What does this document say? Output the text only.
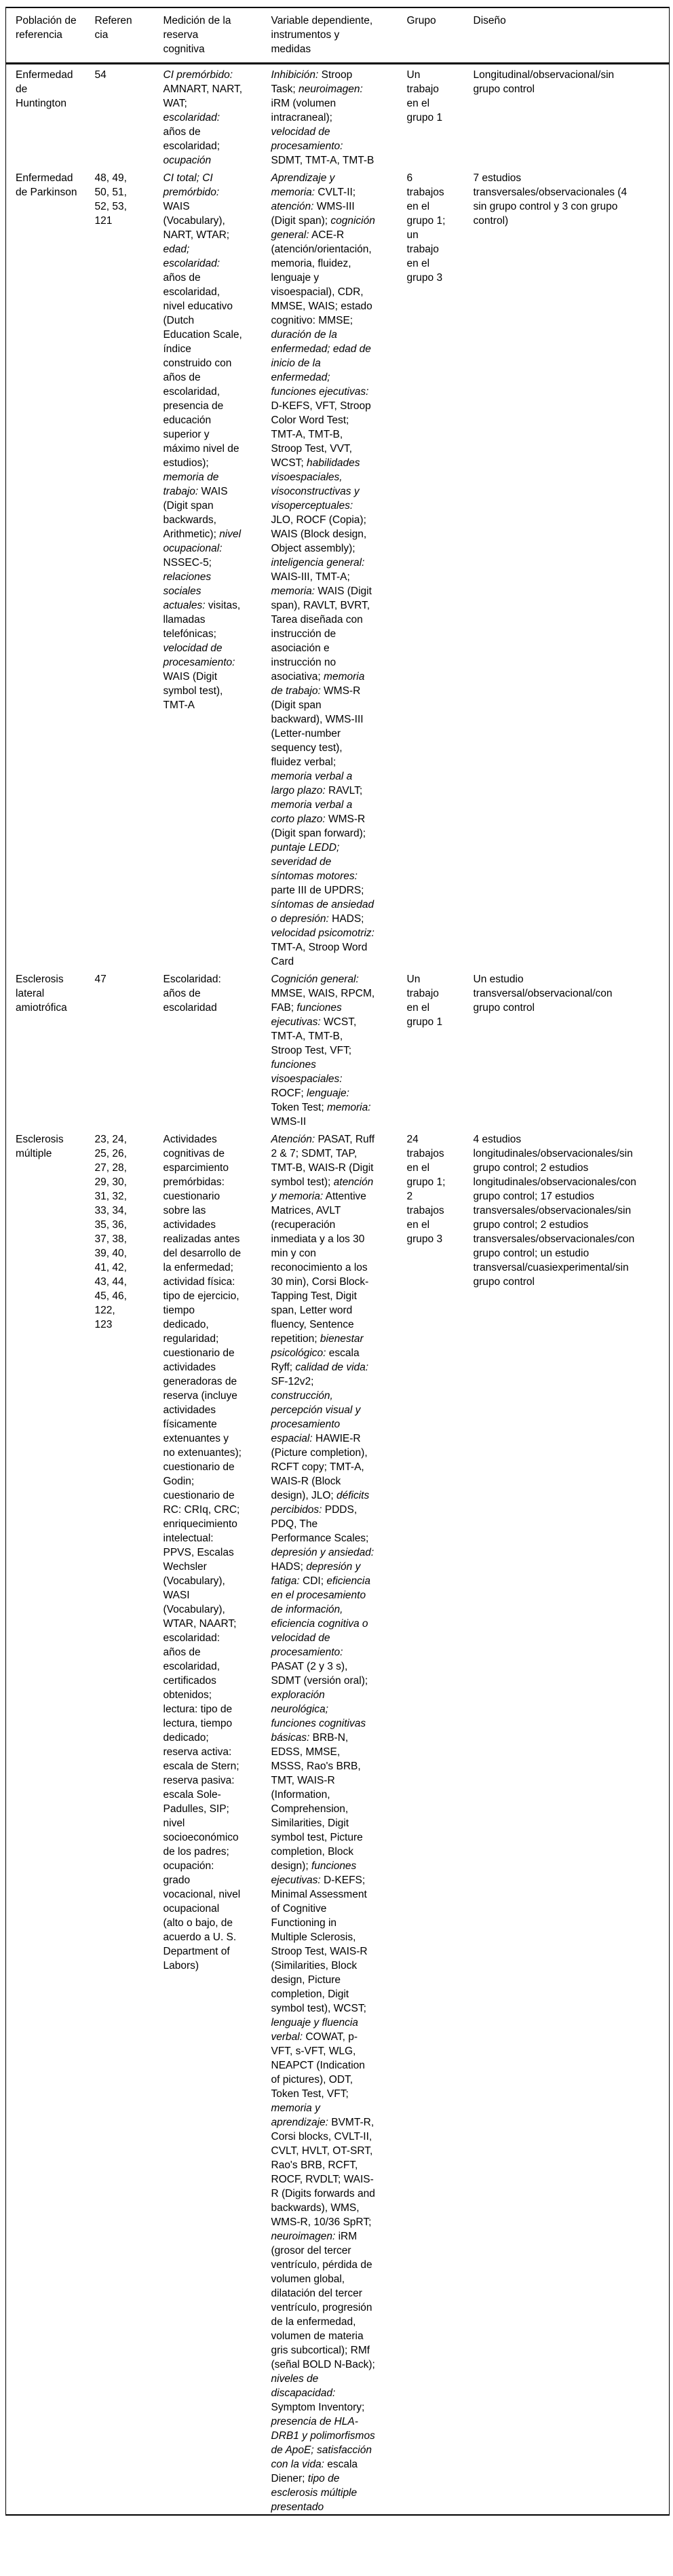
Población de referencia	Referencia	Medición de la reserva cognitiva	Variable dependiente, instrumentos y medidas	Grupo	Diseño
Enfermedad de Huntington	54	CI premórbido: AMNART, NART, WAT; escolaridad: años de escolaridad; ocupación	Inhibición: Stroop Task; neuroimagen: iRM (volumen intracraneal); velocidad de procesamiento: SDMT, TMT-A, TMT-B	Un trabajo en el grupo 1	Longitudinal/observacional/sin grupo control
Enfermedad de Parkinson	48, 49, 50, 51, 52, 53, 121	CI total; CI premórbido: WAIS (Vocabulary), NART, WTAR; edad; escolaridad: años de escolaridad, nivel educativo (Dutch Education Scale, índice construido con años de escolaridad, presencia de educación superior y máximo nivel de estudios); memoria de trabajo: WAIS (Digit span backwards, Arithmetic); nivel ocupacional: NSSEC-5; relaciones sociales actuales: visitas, llamadas telefónicas; velocidad de procesamiento: WAIS (Digit symbol test), TMT-A	Aprendizaje y memoria: CVLT-II; atención: WMS-III (Digit span); cognición general: ACE-R (atención/orientación, memoria, fluidez, lenguaje y visoespacial), CDR, MMSE, WAIS; estado cognitivo: MMSE; duración de la enfermedad; edad de inicio de la enfermedad; funciones ejecutivas: D-KEFS, VFT, Stroop Color Word Test; TMT-A, TMT-B, Stroop Test, VVT, WCST; habilidades visoespaciales, visoconstructivas y visoperceptuales: JLO, ROCF (Copia); WAIS (Block design, Object assembly); inteligencia general: WAIS-III, TMT-A; memoria: WAIS (Digit span), RAVLT, BVRT, Tarea diseñada con instrucción de asociación e instrucción no asociativa; memoria de trabajo: WMS-R (Digit span backward), WMS-III (Letter-number sequency test), fluidez verbal; memoria verbal a largo plazo: RAVLT; memoria verbal a corto plazo: WMS-R (Digit span forward); puntaje LEDD; severidad de síntomas motores: parte III de UPDRS; síntomas de ansiedad o depresión: HADS; velocidad psicomotriz: TMT-A, Stroop Word Card	6 trabajos en el grupo 1; un trabajo en el grupo 3	7 estudios transversales/observacionales (4 sin grupo control y 3 con grupo control)
Esclerosis lateral amiotrófica	47	Escolaridad: años de escolaridad	Cognición general: MMSE, WAIS, RPCM, FAB; funciones ejecutivas: WCST, TMT-A, TMT-B, Stroop Test, VFT; funciones visoespaciales: ROCF; lenguaje: Token Test; memoria: WMS-II	Un trabajo en el grupo 1	Un estudio transversal/observacional/con grupo control
Esclerosis múltiple	23, 24, 25, 26, 27, 28, 29, 30, 31, 32, 33, 34, 35, 36, 37, 38, 39, 40, 41, 42, 43, 44, 45, 46, 122, 123	Actividades cognitivas de esparcimiento premórbidas: cuestionario sobre las actividades realizadas antes del desarrollo de la enfermedad; actividad física: tipo de ejercicio, tiempo dedicado, regularidad; cuestionario de actividades generadoras de reserva (incluye actividades físicamente extenuantes y no extenuantes); cuestionario de Godin; cuestionario de RC: CRIq, CRC; enriquecimiento intelectual: PPVS, Escalas Wechsler (Vocabulary), WASI (Vocabulary), WTAR, NAART; escolaridad: años de escolaridad, certificados obtenidos; lectura: tipo de lectura, tiempo dedicado; reserva activa: escala de Stern; reserva pasiva: escala Sole-Padulles, SIP; nivel socioeconómico de los padres; ocupación: grado vocacional, nivel ocupacional (alto o bajo, de acuerdo a U. S. Department of Labors)	Atención: PASAT, Ruff 2 & 7; SDMT, TAP, TMT-B, WAIS-R (Digit symbol test); atención y memoria: Attentive Matrices, AVLT (recuperación inmediata y a los 30 min y con reconocimiento a los 30 min), Corsi Block-Tapping Test, Digit span, Letter word fluency, Sentence repetition; bienestar psicológico: escala Ryff; calidad de vida: SF-12v2; construcción, percepción visual y procesamiento espacial: HAWIE-R (Picture completion), RCFT copy; TMT-A, WAIS-R (Block design), JLO; déficits percibidos: PDDS, PDQ, The Performance Scales; depresión y ansiedad: HADS; depresión y fatiga: CDI; eficiencia en el procesamiento de información, eficiencia cognitiva o velocidad de procesamiento: PASAT (2 y 3 s), SDMT (versión oral); exploración neurológica; funciones cognitivas básicas: BRB-N, EDSS, MMSE, MSSS, Rao's BRB, TMT, WAIS-R (Information, Comprehension, Similarities, Digit symbol test, Picture completion, Block design); funciones ejecutivas: D-KEFS; Minimal Assessment of Cognitive Functioning in Multiple Sclerosis, Stroop Test, WAIS-R (Similarities, Block design, Picture completion, Digit symbol test), WCST; lenguaje y fluencia verbal: COWAT, p-VFT, s-VFT, WLG, NEAPCT (Indication of pictures), ODT, Token Test, VFT; memoria y aprendizaje: BVMT-R, Corsi blocks, CVLT-II, CVLT, HVLT, OT-SRT, Rao's BRB, RCFT, ROCF, RVDLT; WAIS-R (Digits forwards and backwards), WMS, WMS-R, 10/36 SpRT; neuroimagen: iRM (grosor del tercer ventrículo, pérdida de volumen global, dilatación del tercer ventrículo, progresión de la enfermedad, volumen de materia gris subcortical); RMf (señal BOLD N-Back); niveles de discapacidad: Symptom Inventory; presencia de HLA-DRB1 y polimorfismos de ApoE; satisfacción con la vida: escala Diener; tipo de esclerosis múltiple presentado	24 trabajos en el grupo 1; 2 trabajos en el grupo 3	4 estudios longitudinales/observacionales/sin grupo control; 2 estudios longitudinales/observacionales/con grupo control; 17 estudios transversales/observacionales/sin grupo control; 2 estudios transversales/observacionales/con grupo control; un estudio transversal/cuasiexperimental/sin grupo control
